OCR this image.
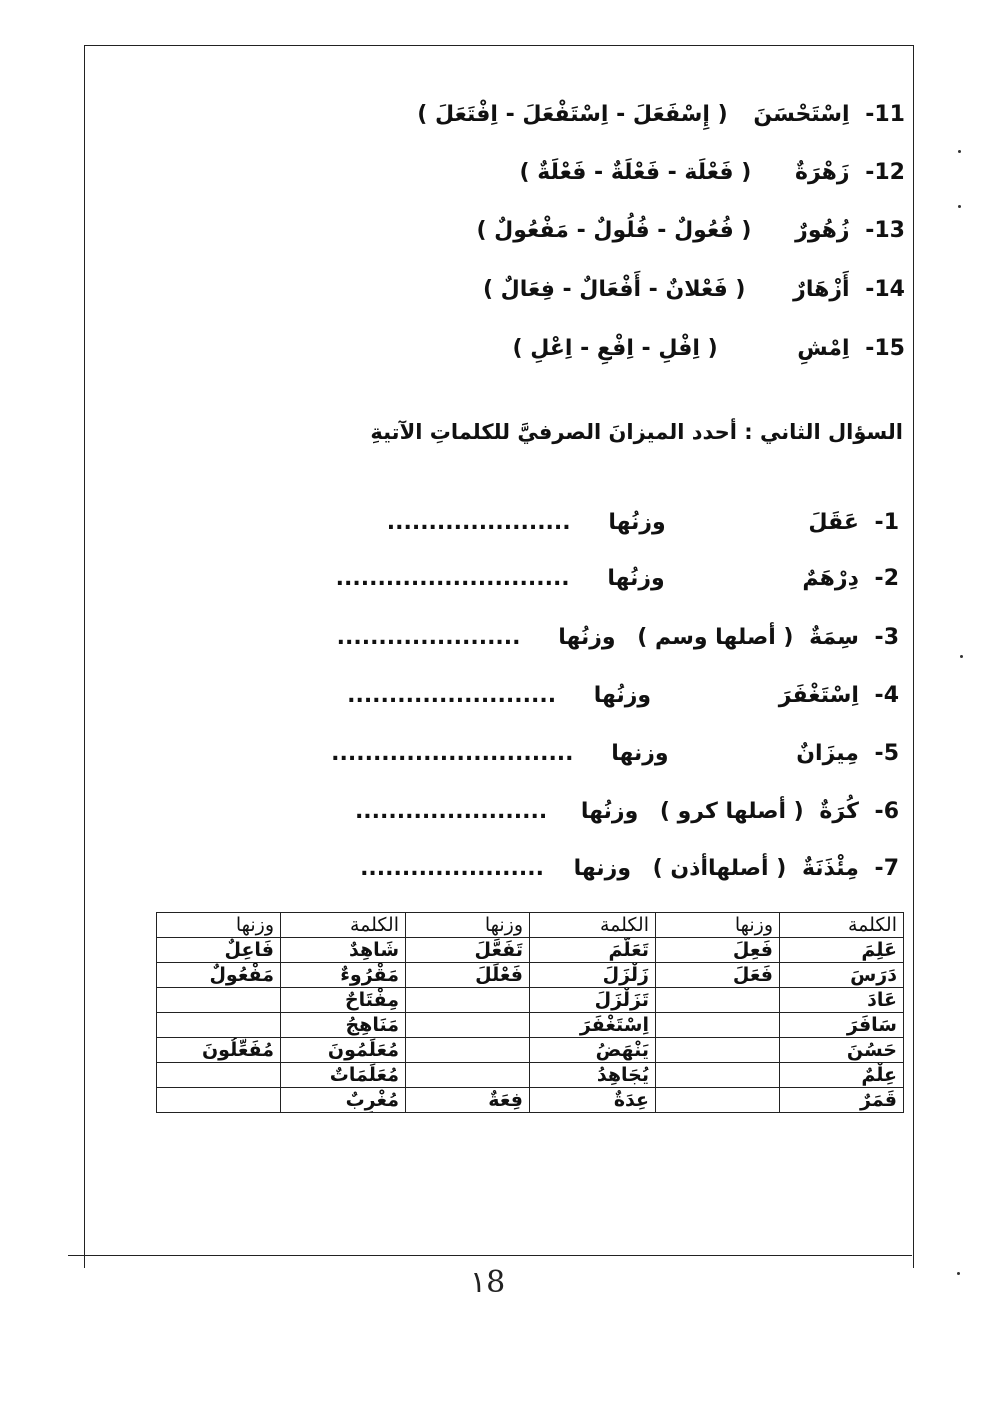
11- اِسْتَحْسَنَ ( إِسْفَعَلَ - اِسْتَفْعَلَ - اِفْتَعَلَ )
12- زَهْرَةٌ ( فَعْلَة - فَعْلَةٌ - فَعْلَةٌ )
13- زُهُورٌ ( فُعُولٌ - فُلُولٌ - مَفْعُولٌ )
14- أَزْهَارٌ ( فَعْلانٌ - أَفْعَالٌ - فِعَالٌ )
15- اِمْشِ ( اِفْلِ - اِفْعِ - اِعْلِ )
السؤال الثاني : أحدد الميزانَ الصرفيَّ للكلماتِ الآتيةِ
1- عَقَلَ وزنُها ......................
2- دِرْهَمٌ وزنُها ............................
3- سِمَةٌ ( أصلها وسم ) وزنُها ......................
4- اِسْتَغْفَرَ وزنُها .........................
5- مِيزَانٌ وزنها .............................
6- كُرَةٌ ( أصلها كرو ) وزنُها .......................
7- مِئْذَنَةٌ ( أصلهاأذن ) وزنها ......................
الكلمة	وزنها	الكلمة	وزنها	الكلمة	وزنها
عَلِمَ	فَعِلَ	تَعَلَّمَ	تَفَعَّلَ	شَاهِدٌ	فَاعِلٌ
دَرَسَ	فَعَلَ	زَلْزَلَ	فَعْلَلَ	مَقْرُوءٌ	مَفْعُولٌ
عَادَ		تَزَلْزَلَ		مِفْتَاحٌ	
سَافَرَ		اِسْتَغْفَرَ		مَنَاهِجُ	
حَسُنَ		يَنْهَضُ		مُعَلِّمُونَ	مُفَعِّلُونَ
عِلْمٌ		يُجَاهِدُ		مُعَلِّمَاتٌ	
قَمَرٌ		عِدَةٌ	فِعَةٌ	مُغْرِبٌ	
١8
